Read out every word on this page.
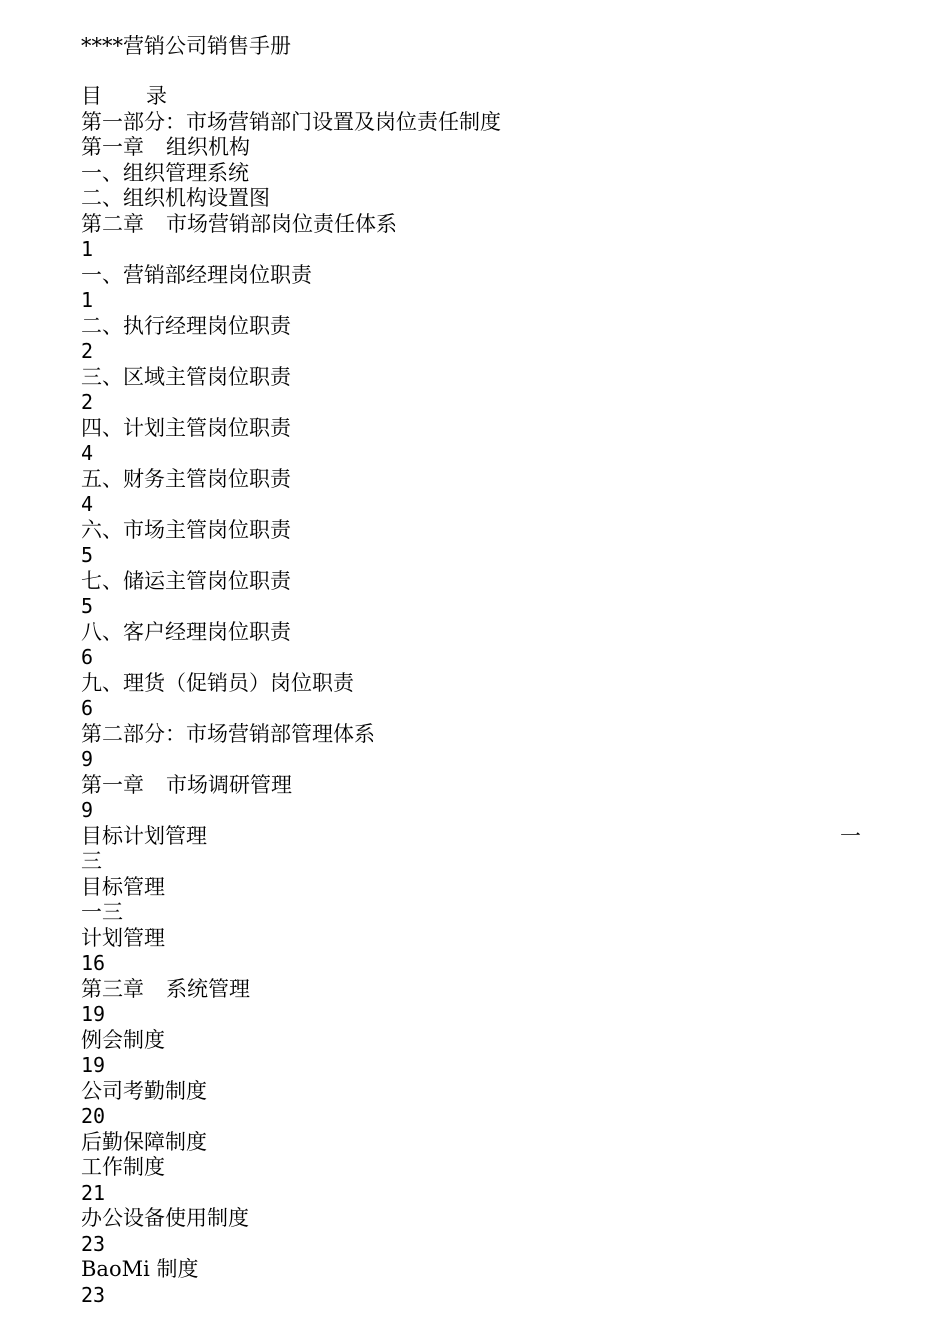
****营销公司销售手册
目 录
第一部分：市场营销部门设置及岗位责任制度
第一章 组织机构
一、组织管理系统
二、组织机构设置图
第二章 市场营销部岗位责任体系
1
一、营销部经理岗位职责
1
二、执行经理岗位职责
2
三、区域主管岗位职责
2
四、计划主管岗位职责
4
五、财务主管岗位职责
4
六、市场主管岗位职责
5
七、储运主管岗位职责
5
八、客户经理岗位职责
6
九、理货（促销员）岗位职责
6
第二部分：市场营销部管理体系
9
第一章 市场调研管理
9
目标计划管理	一
三
目标管理
一三
计划管理
16
第三章 系统管理
19
例会制度
19
公司考勤制度
20
后勤保障制度
工作制度
21
办公设备使用制度
23
BaoMi 制度
23
